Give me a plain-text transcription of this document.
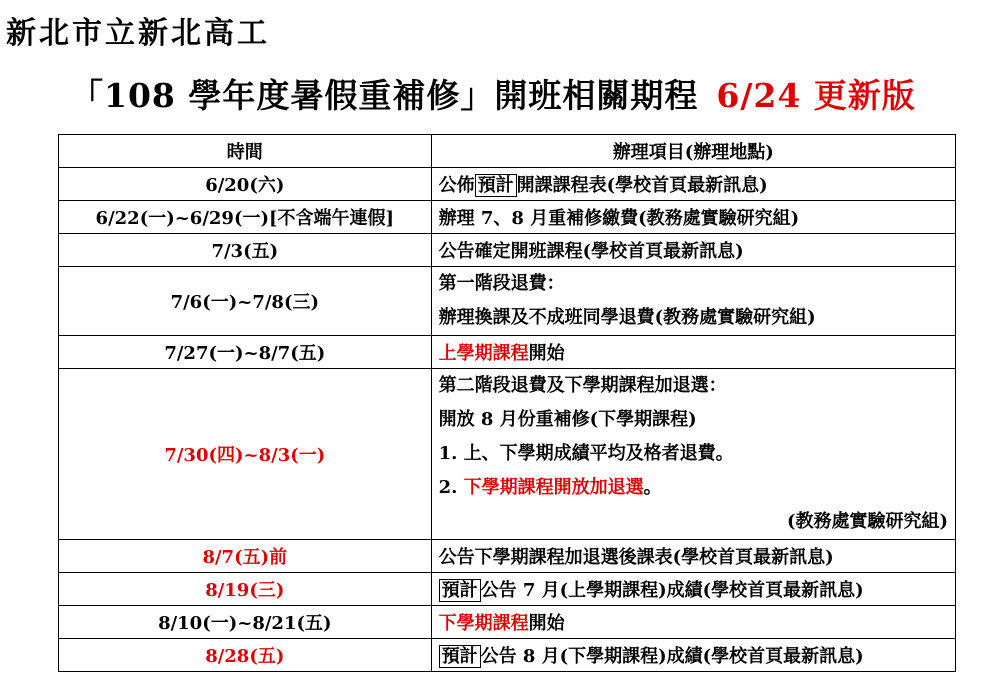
新北市立新北高工
「108 學年度暑假重補修」開班相關期程 6/24 更新版
時間	辦理項目(辦理地點)
6/20(六)	公佈 預計 開課課程表(學校首頁最新訊息)
6/22(一)~6/29(一)[不含端午連假]	辦理 7、8 月重補修繳費(教務處實驗研究組)
7/3(五)	公告確定開班課程(學校首頁最新訊息)
7/6(一)~7/8(三)	第一階段退費：
辦理換課及不成班同學退費(教務處實驗研究組)

7/27(一)~8/7(五)	上學期課程開始
7/30(四)~8/3(一)	第二階段退費及下學期課程加退選：
開放 8 月份重補修(下學期課程)
1. 上、下學期成績平均及格者退費。
2. 下學期課程開放加退選。
(教務處實驗研究組)

8/7(五)前	公告下學期課程加退選後課表(學校首頁最新訊息)
8/19(三)	預計 公告 7 月(上學期課程)成績(學校首頁最新訊息)
8/10(一)~8/21(五)	下學期課程開始
8/28(五)	預計 公告 8 月(下學期課程)成績(學校首頁最新訊息)
